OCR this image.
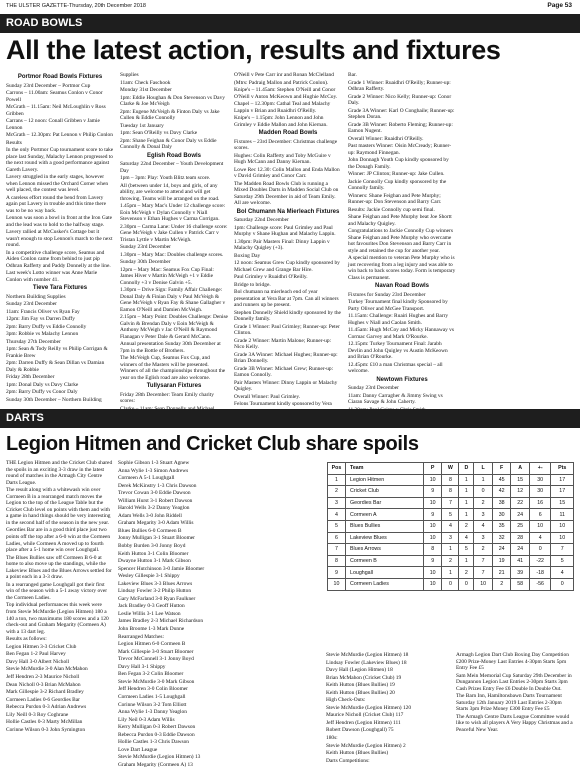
THE ULSTER GAZETTE-Thursday, 20th December 2018	Page 53
ROAD BOWLS
All the latest action, results and fixtures
Portmor Road Bowls Fixtures

Sunday 23rd December – Portmor Cup

Carrons – 11.00am: Seamus Conlon v Conor Powell

McGrath – 11.15am: Neil McLoughlin v Ross Gribben

Carrans – 12 noon: Conall Gribben v Jamie Lennon

McGrath – 12.30pm: Pat Lennon v Philip Conlon

Results

In the only Portmor Cup tournament score to take place last Sunday, Malachy Lennon progressed to the next round with a good performance against Gareth Lavery.

Lavery struggled in the early stages, however when Lennon missed the Orchard Corner when well placed, the contest was level.

A careless effort round the bend from Lavery again put Lavery in trouble and this time there was to be no way back.

Lennon was soon a bowl in front at the Iron Gate and the lead was to hold to the halfway stage.

Lavery rallied at McCusker's Cottage but it wasn't enough to stop Lennon's march to the next round.

In a competitive challenge score, Seamus and Aiden Conlon came from behind to just pip Odhran Rafferty and Paddy Donnelly at the line.

Last week's Lotto winner was Anne Marie Conlon with number 41.

Tieve Tara Fixtures

Northern Building Supplies

Sunday 23rd December

11am: Francis Oliver vs Ryan Fay

12pm: Jim Fay vs Darren Duffy

2pm: Barry Duffy vs Eddie Connolly

3pm: Robbie vs Malachy Lennon

Thursday 27th December

1pm: Sean & Tody Reilly vs Philip Corrigan & Frankie Brew

2pm: Darren Duffy & Sean Dillan vs Damian Daly & Robbie

Friday 28th December

1pm: Donal Daly vs Davy Clarke

2pm: Barry Duffy vs Conor Daly

Sunday 30th December – Northern Building

Supplies

11am: Check Faschook

Monday 31st December

1pm: Eddie Houghan & Don Stevenson vs Davy Clarke & Joe McVeigh

2pm: Eugene McVeigh & Finton Daly vs Jake Cullen & Eddie Connolly

Tuesday 1st January

1pm: Sean O'Reilly vs Davy Clarke

2pm: Shane Feighan & Conor Daly vs Eddie Connolly & Donal Daly

Eglish Road Bowls

Saturday 22nd December – Youth Development Day

1pm – 3pm: Play: Youth Blitz team score.

All (between under 14, boys and girls, of any ability, are welcome to attend and will get throwing. Teams will be arranged on the road.

1.45pm – Mary Mac's Under 12 challenge score: Eoin McVeigh v Dylan Connolly v Niall Stevenson v Ethan Hughes v Carma Corrigan.

2.30pm – Carma Lane: Under 16 challenge score: Gene McVeigh v Jake Cullen v Patrick Carr v Tristan Lyttle v Martin McVeigh.

Sunday 23rd December

1.30pm – Mary Mac: Doubles challenge scores.

Sunday 30th December

12pm – Mary Mac: Seamus Fox Cup Final: James Hiver v Martin McVeigh +1 v Eddie Connolly +3 v Denise Galvin +5.

1.30pm – Drive Sign: Family Affair Challenge: Donal Daly & Finian Daly v Paul McVeigh & Gene McVeigh v Ryan Fay & Shane Gallagher v Eamon O'Neill and Damien McVeigh.

2.15pm – Mary Point: Doubles Challenge: Denise Galvin & Brendan Daly v Eoin McVeigh & Anthony McVeigh v Jac O'Neill & Raymond Flanagan v Peter Dale & Gerard McCann.

Annual presentation Sunday 30th December at 7pm in the Bottle of Brothers.

The McVeigh Cup, Seamus Fox Cup, and winners of the Masters will be presented. Winners of all the championships throughout the year on the Eglish road are also welcome.

Tullysaran Fixtures

Friday 28th December: Team Emily charity scores:

O'Neill v Pete Carr inr and Ronan McClelland

(Mtrs: Padraig Mallon and Patrick Conlon).

Knipe's – 11.45am: Stephen O'Neill and Conor O'Neill v Anton McKeown and Hughie McCoy.

Chapel – 12.30pm: Cathal Teal and Malachy Lappin v Brian and Ruaidhri O'Reilly.

Knipe's – 1.15pm: John Lennon and John Grimley v Eddie Mallon and John Kiernan.

Madden Road Bowls

Fixtures – 23rd December: Christmas challenge scores.

Hughes: Colin Rafferty and Toby McGuire v Hugh McCann and Danny Kiernan.

Lowe Rec 12.30: Colin Mallon and Enda Mallon v David Grimley and Conor Carr.

The Madden Road Bowls Club is running a Mixed Doubles Darts in Madden Social Club on Saturday 29th December in aid of Team Emily. All are welcome.

Bol Chumann Na Mierleach Fixtures

Saturday 22nd December

1pm: Challenge score: Paul Grimley and Paul Murphy v Shane Hughan and Malachy Lappin.

1.30pm: Pair Masters Final: Dinny Lappin v Malachy Quigley (+3).

Boxing Day

12 noon: Seamus Grew Cup kindly sponsored by Michael Grew and Grange Bar Hire.

Paul Grimley v Ruaidhri O'Reilly.

Bridge to bridge.

Bol chumann na mierleach end of year presentation at Vera Bar at 7pm. Can all winners and runners up be present.

Stephen Donnelly Shield kindly sponsored by the Donnelly family.

Grade 1 Winner: Paul Grimley; Runner-up: Peter Clinton.

Grade 2 Winner: Martin Malone; Runner-up: Nico Kelly.

Grade 3A Winner: Michael Hughes; Runner-up: Brian Donnelly.

Grade 3B Winner: Michael Grew; Runner-up: Eamon Connolly.

Pair Masters Winner: Dinny Lappin or Malachy Quigley.

Overall Winner: Paul Grimley.

Felons Tournament kindly sponsored by Vera

Bar.

Grade 1 Winner: Ruaidhri O'Reilly; Runner-up: Odhran Rafferty.

Grade 2 Winner: Nico Kelly; Runner-up: Conor Daly.

Grade 3A Winner: Karl O Conghaile; Runner-up: Stephen Doran.

Grade 3B Winner: Roberto Fleming; Runner-up: Eamon Nugent.

Overall Winner: Ruaidhri O'Reilly.

Past masters Winner: Oisin McCready; Runner-up: Raymond Finnegan.

John Donnagh Youth Cup kindly sponsored by the Donagh Family.

Winner: JP Clinton; Runner-up: Jake Cullen.

Jackie Connolly Cup kindly sponsored by the Connolly family.

Winners: Shane Feighan and Pete Murphy; Runner-up: Don Stevenson and Barry Carr.

Results: Jackie Connolly cup semi final.

Shane Feighan and Pete Murphy beat Joe Shortt and Malachy Quigley.

Congratulations to Jackie Connolly Cup winners Shane Feighan and Pete Murphy who overcame hot favourites Don Stevenson and Barry Carr in style and retained the cup for another year.

A special mention to veteran Pete Murphy who is just recovering from a leg injury and was able to win back to back scores today. Form is temporary Class is permanent.

Navan Road Bowls

Fixtures for Sunday 23rd December

Turkey Tournament final kindly Sponsored by Party Oliver and McGee Transport.

11.15am: Challenge: Ruairi Hughes and Barry Hughes v Niall and Caolan Smith.

11.45am: Hugh McCoy and Micky Hannaway vs Cormac Garvey and Mark O'Rourke.

12.15pm: Turkey Tournament Final: Jarabh Devlin and John Quigley vs Austin McKeown and Brian O'Rourke.

12.45pm: £10 a man Christmas special – all welcome.

Newtown Fixtures

Sunday 23rd December

11am: Danny Carragher & Jimmy Swing vs Ciaran Savage & John Caherty.

DARTS
Legion Hitmen and Cricket Club share spoils

THE Legion Hitmen and the Cricket Club shared the spoils in an exciting 3-3 draw in the latest round of matches in the Armagh City Centre Darts League.

The result along with a whitewash win over Cormeen B in a rearranged match moves the Legion to the top of the League Table but the Cricket Club level on points with them and with a game in hand things should be very interesting in the second half of the season in the new year.

Geordies Bar are in a good third place just two points off the top after a 6-0 win at the Cormeen Ladies, while Cormeen A moved up to fourth place after a 5-1 home win over Loughgall.

The Blues Bullies saw off Cormeen B 6-0 at home to also move up the standings, while the Lakeview Blues and the Blues Arrows settled for a point each in a 3-3 draw.

In a rearranged game Loughgall got their first win of the season with a 5-1 away victory over the Cormeen Ladies.

Top individual performances this week were from Stevie McMurdie (Legion Hitmen) 180 a 140 a ton, two maximums 180 scores and a 120 check-out and Graham Megarity (Cormeen A) with a 13 dart leg.

Results as follows:

Legion Hitmen 3-3 Cricket Club

Ben Fegan 1-2 Paul Harvey

Davy Hall 3-0 Albert Nicholl

Stevie McMurdie 3-0 Alan McMahon

Jeff Hendren 2-3 Maurice Nicholl

Dean Nicholl 0-3 Brian McMahon

Mark Gillespie 3-2 Richard Bradley

Cormeen Ladies 0-6 Geordies Bar

Rebecca Purdon 0-3 Adrian Andrews

Lily Neill 0-3 Roy Coghrane

Hollie Castles 0-3 Marty McMillan

Corinne Wilson 0-3 John Symington

Sophie Gibson 1-3 Stuart Agnew

Anna Wylie 1-3 Simon Andrews

Cormeen A 5-1 Loughgall

Derek McKinstry 1-3 Chris Dawson

Trevor Cowan 3-0 Eddie Dawson

William Hurst 3-1 Robert Dawson

Harold Wells 3-2 Danny Yeaglon

Adam Wells 3-0 John Riddell

Graham Megarity 3-0 Adam Willis

Blues Bullies 6-0 Cormeen B

Jonny Mulligan 3-1 Stuart Bloomer

Bobby Burden 3-0 Jonny Boyd

Keith Hutton 3-1 Colin Bloomer

Dwayne Hutton 3-1 Mark Gibson

Spencer Hutchinson 3-0 Jamie Bloomer

Wesley Gillespie 3-1 Shippy

Lakeview Blues 3-3 Blues Arrows

Lindsay Fowler 3-2 Philip Hutton

Gary McFarland 3-0 Ryan Faulkner

Jack Bradley 0-3 Geoff Hutton

Leslie Willis 3-1 Lee Watson

James Bradley 2-3 Michael Richardson

John Broome 1-3 Mark Dunne

Rearranged Matches:

Legion Hitmen 6-0 Cormeen B

Mark Gillespie 3-0 Stuart Bloomer

Trevor McConnell 3-1 Jonny Boyd

Davy Hall 3-1 Shippy

Ben Fegan 3-2 Colin Bloomer

Stevie McMurdie 3-0 Mark Gibson

Jeff Hendren 3-0 Colin Bloomer

Cormeen Ladies 1-5 Loughgall

Corinne Wilson 3-2 Tom Elliott

Anna Wylie 1-3 Danny Yeaglon

Lily Neil 0-3 Adam Willis

Kerry Mulligan 0-3 Robert Dawson

Rebecca Purdon 0-3 Eddie Dawson

Hollie Castles 1-3 Chris Dawson

Love Dart League

Stevie McMurdie (Legion Hitmen) 13

Graham Megarity (Cormeen A) 13

Stevie McMurdie (Legion Hitmen) 18

Lindsay Fowler (Lakeview Blues) 18

Davy Hall (Legion Hitmen) 18

Brian McMahon (Cricket Club) 19

Keith Hutton (Blues Bullies) 19

Keith Hutton (Blues Bullies) 20

High Check-Outs:

Stevie McMurdie (Legion Hitmen) 120

Maurice Nicholl (Cricket Club) 117

Jeff Hendren (Legion Hitmen) 111

Robert Dawson (Loughgall) 75

180s:

Stevie McMurdie (Legion Hitmen) 2

Keith Hutton (Blues Bullies)

Darts Competitions:

Armagh Legion Dart Club Boxing Day Competition £200 Prize-Money Last Entries 4-30pm Starts 5pm Entry Fee £5

Sam Mein Memorial Cup Saturday 29th December in Dungannon Legion Last Entries 2-30pm Starts 3pm Cash Prizes Entry Fee £6 Double In Double Out.

The Barn Inn, Hamiltonsbawn Darts Tournament Saturday 12th January 2019 Last Entries 2-30pm Starts 3pm Prize Money £300 Entry Fee £5

The Armagh Centre Darts League Committee would like to wish all players A Very Happy Christmas and a Peaceful New Year.

Pos	Team	P	W	D	L	F	A	+-	Pts
1	Legion Hitmen	10	8	1	1	45	15	30	17
2	Cricket Club	9	8	1	0	42	12	30	17
3	Geordies Bar	10	7	1	2	38	22	16	15
4	Cormeen A	9	5	1	3	30	24	6	11
5	Blues Bullies	10	4	2	4	35	25	10	10
6	Lakeview Blues	10	3	4	3	32	28	4	10
7	Blues Arrows	8	1	5	2	24	24	0	7
8	Cormeen B	9	2	1	7	19	41	-22	5
9	Loughgall	10	1	2	7	21	39	-18	4
10	Cormeen Ladies	10	0	0	10	2	58	-56	0
